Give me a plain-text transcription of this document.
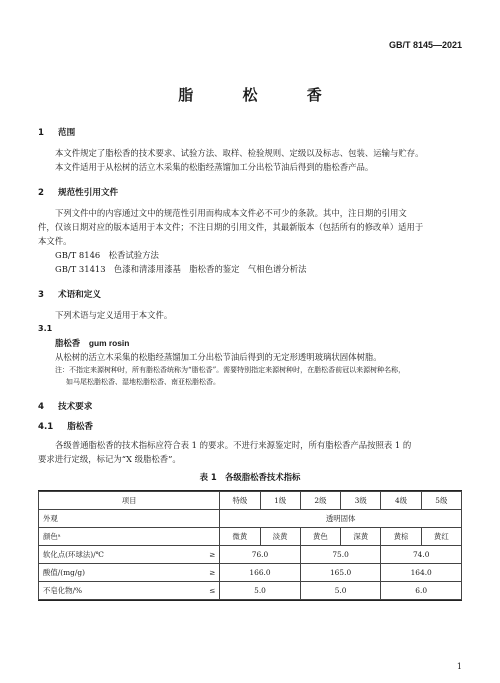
GB/T 8145—2021
脂 松 香
1 范围

本文件规定了脂松香的技术要求、试验方法、取样、检验规则、定级以及标志、包装、运输与贮存。

本文件适用于从松树的活立木采集的松脂经蒸馏加工分出松节油后得到的脂松香产品。

2 规范性引用文件

下列文件中的内容通过文中的规范性引用而构成本文件必不可少的条款。其中，注日期的引用文

件，仅该日期对应的版本适用于本文件；不注日期的引用文件，其最新版本（包括所有的修改单）适用于

本文件。

GB/T 8146　松香试验方法

GB/T 31413　色漆和清漆用漆基　脂松香的鉴定　气相色谱分析法

3 术语和定义

下列术语与定义适用于本文件。

3.1

脂松香 gum rosin

从松树的活立木采集的松脂经蒸馏加工分出松节油后得到的无定形透明玻璃状固体树脂。

注：不指定来源树种时，所有脂松香统称为“脂松香”。需要特别指定来源树种时，在脂松香前冠以来源树种名称，

如马尾松脂松香、湿地松脂松香、南亚松脂松香。

4 技术要求
4.1 脂松香

各级普通脂松香的技术指标应符合表 1 的要求。不进行来源鉴定时，所有脂松香产品按照表 1 的

要求进行定级，标记为“X 级脂松香”。

表 1　各级脂松香技术指标

项目		特级	1级	2级	3级	4级	5级
外观		透明固体					
颜色ᵃ		微黄	淡黄	黄色	深黄	黄棕	黄红
软化点(环球法)/℃	≥	76.0		75.0		74.0	
酸值/(mg/g)	≥	166.0		165.0		164.0	
不皂化物/%	≤	5.0		5.0		6.0	
1
